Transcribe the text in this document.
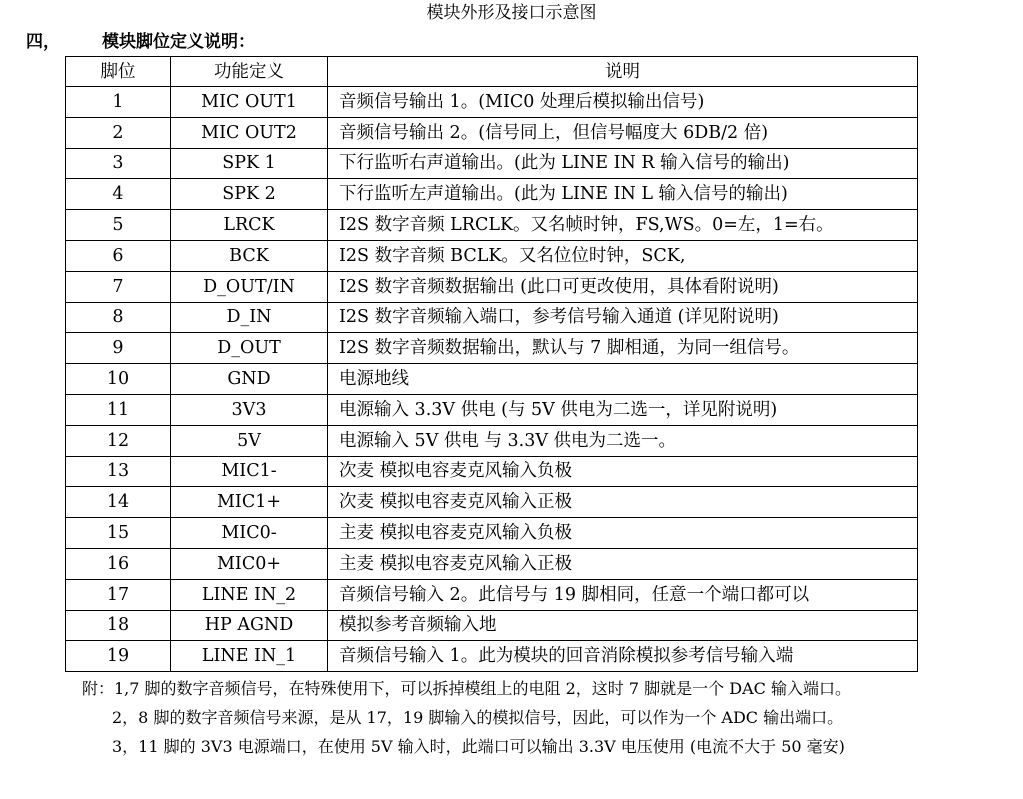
模块外形及接口示意图
四， 模块脚位定义说明：
脚位	功能定义	说明
1	MIC OUT1	音频信号输出 1。(MIC0 处理后模拟输出信号)
2	MIC OUT2	音频信号输出 2。(信号同上，但信号幅度大 6DB/2 倍)
3	SPK 1	下行监听右声道输出。(此为 LINE IN R 输入信号的输出)
4	SPK 2	下行监听左声道输出。(此为 LINE IN L 输入信号的输出)
5	LRCK	I2S 数字音频 LRCLK。又名帧时钟，FS,WS。0=左，1=右。
6	BCK	I2S 数字音频 BCLK。又名位位时钟，SCK,
7	D_OUT/IN	I2S 数字音频数据输出 (此口可更改使用，具体看附说明)
8	D_IN	I2S 数字音频输入端口，参考信号输入通道 (详见附说明)
9	D_OUT	I2S 数字音频数据输出，默认与 7 脚相通，为同一组信号。
10	GND	电源地线
11	3V3	电源输入 3.3V 供电 (与 5V 供电为二选一，详见附说明)
12	5V	电源输入 5V 供电 与 3.3V 供电为二选一。
13	MIC1-	次麦 模拟电容麦克风输入负极
14	MIC1+	次麦 模拟电容麦克风输入正极
15	MIC0-	主麦 模拟电容麦克风输入负极
16	MIC0+	主麦 模拟电容麦克风输入正极
17	LINE IN_2	音频信号输入 2。此信号与 19 脚相同，任意一个端口都可以
18	HP AGND	模拟参考音频输入地
19	LINE IN_1	音频信号输入 1。此为模块的回音消除模拟参考信号输入端
附：1,7 脚的数字音频信号，在特殊使用下，可以拆掉模组上的电阻 2，这时 7 脚就是一个 DAC 输入端口。
2，8 脚的数字音频信号来源，是从 17，19 脚输入的模拟信号，因此，可以作为一个 ADC 输出端口。
3，11 脚的 3V3 电源端口，在使用 5V 输入时，此端口可以输出 3.3V 电压使用 (电流不大于 50 毫安)
